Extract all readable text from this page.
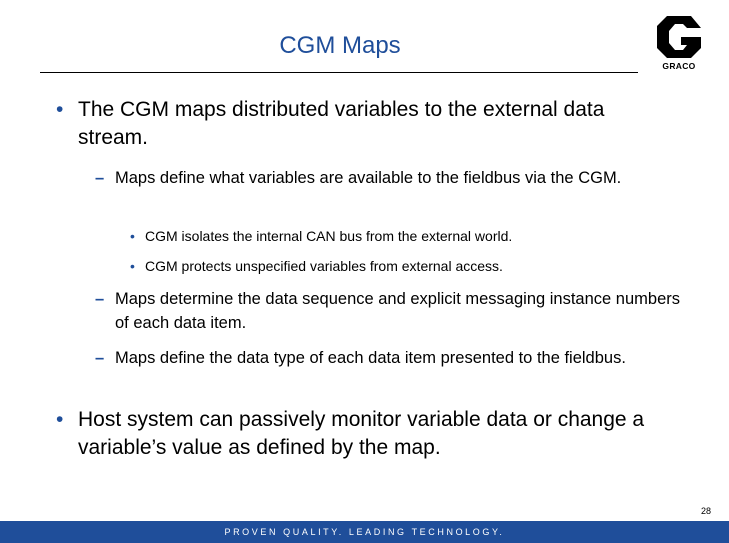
CGM Maps
GRACO
• The CGM maps distributed variables to the external data stream.
– Maps define what variables are available to the fieldbus via the CGM.
• CGM isolates the internal CAN bus from the external world.
• CGM protects unspecified variables from external access.
– Maps determine the data sequence and explicit messaging instance numbers of each data item.
– Maps define the data type of each data item presented to the fieldbus.
• Host system can passively monitor variable data or change a variable’s value as defined by the map.
28
PROVEN QUALITY. LEADING TECHNOLOGY.
